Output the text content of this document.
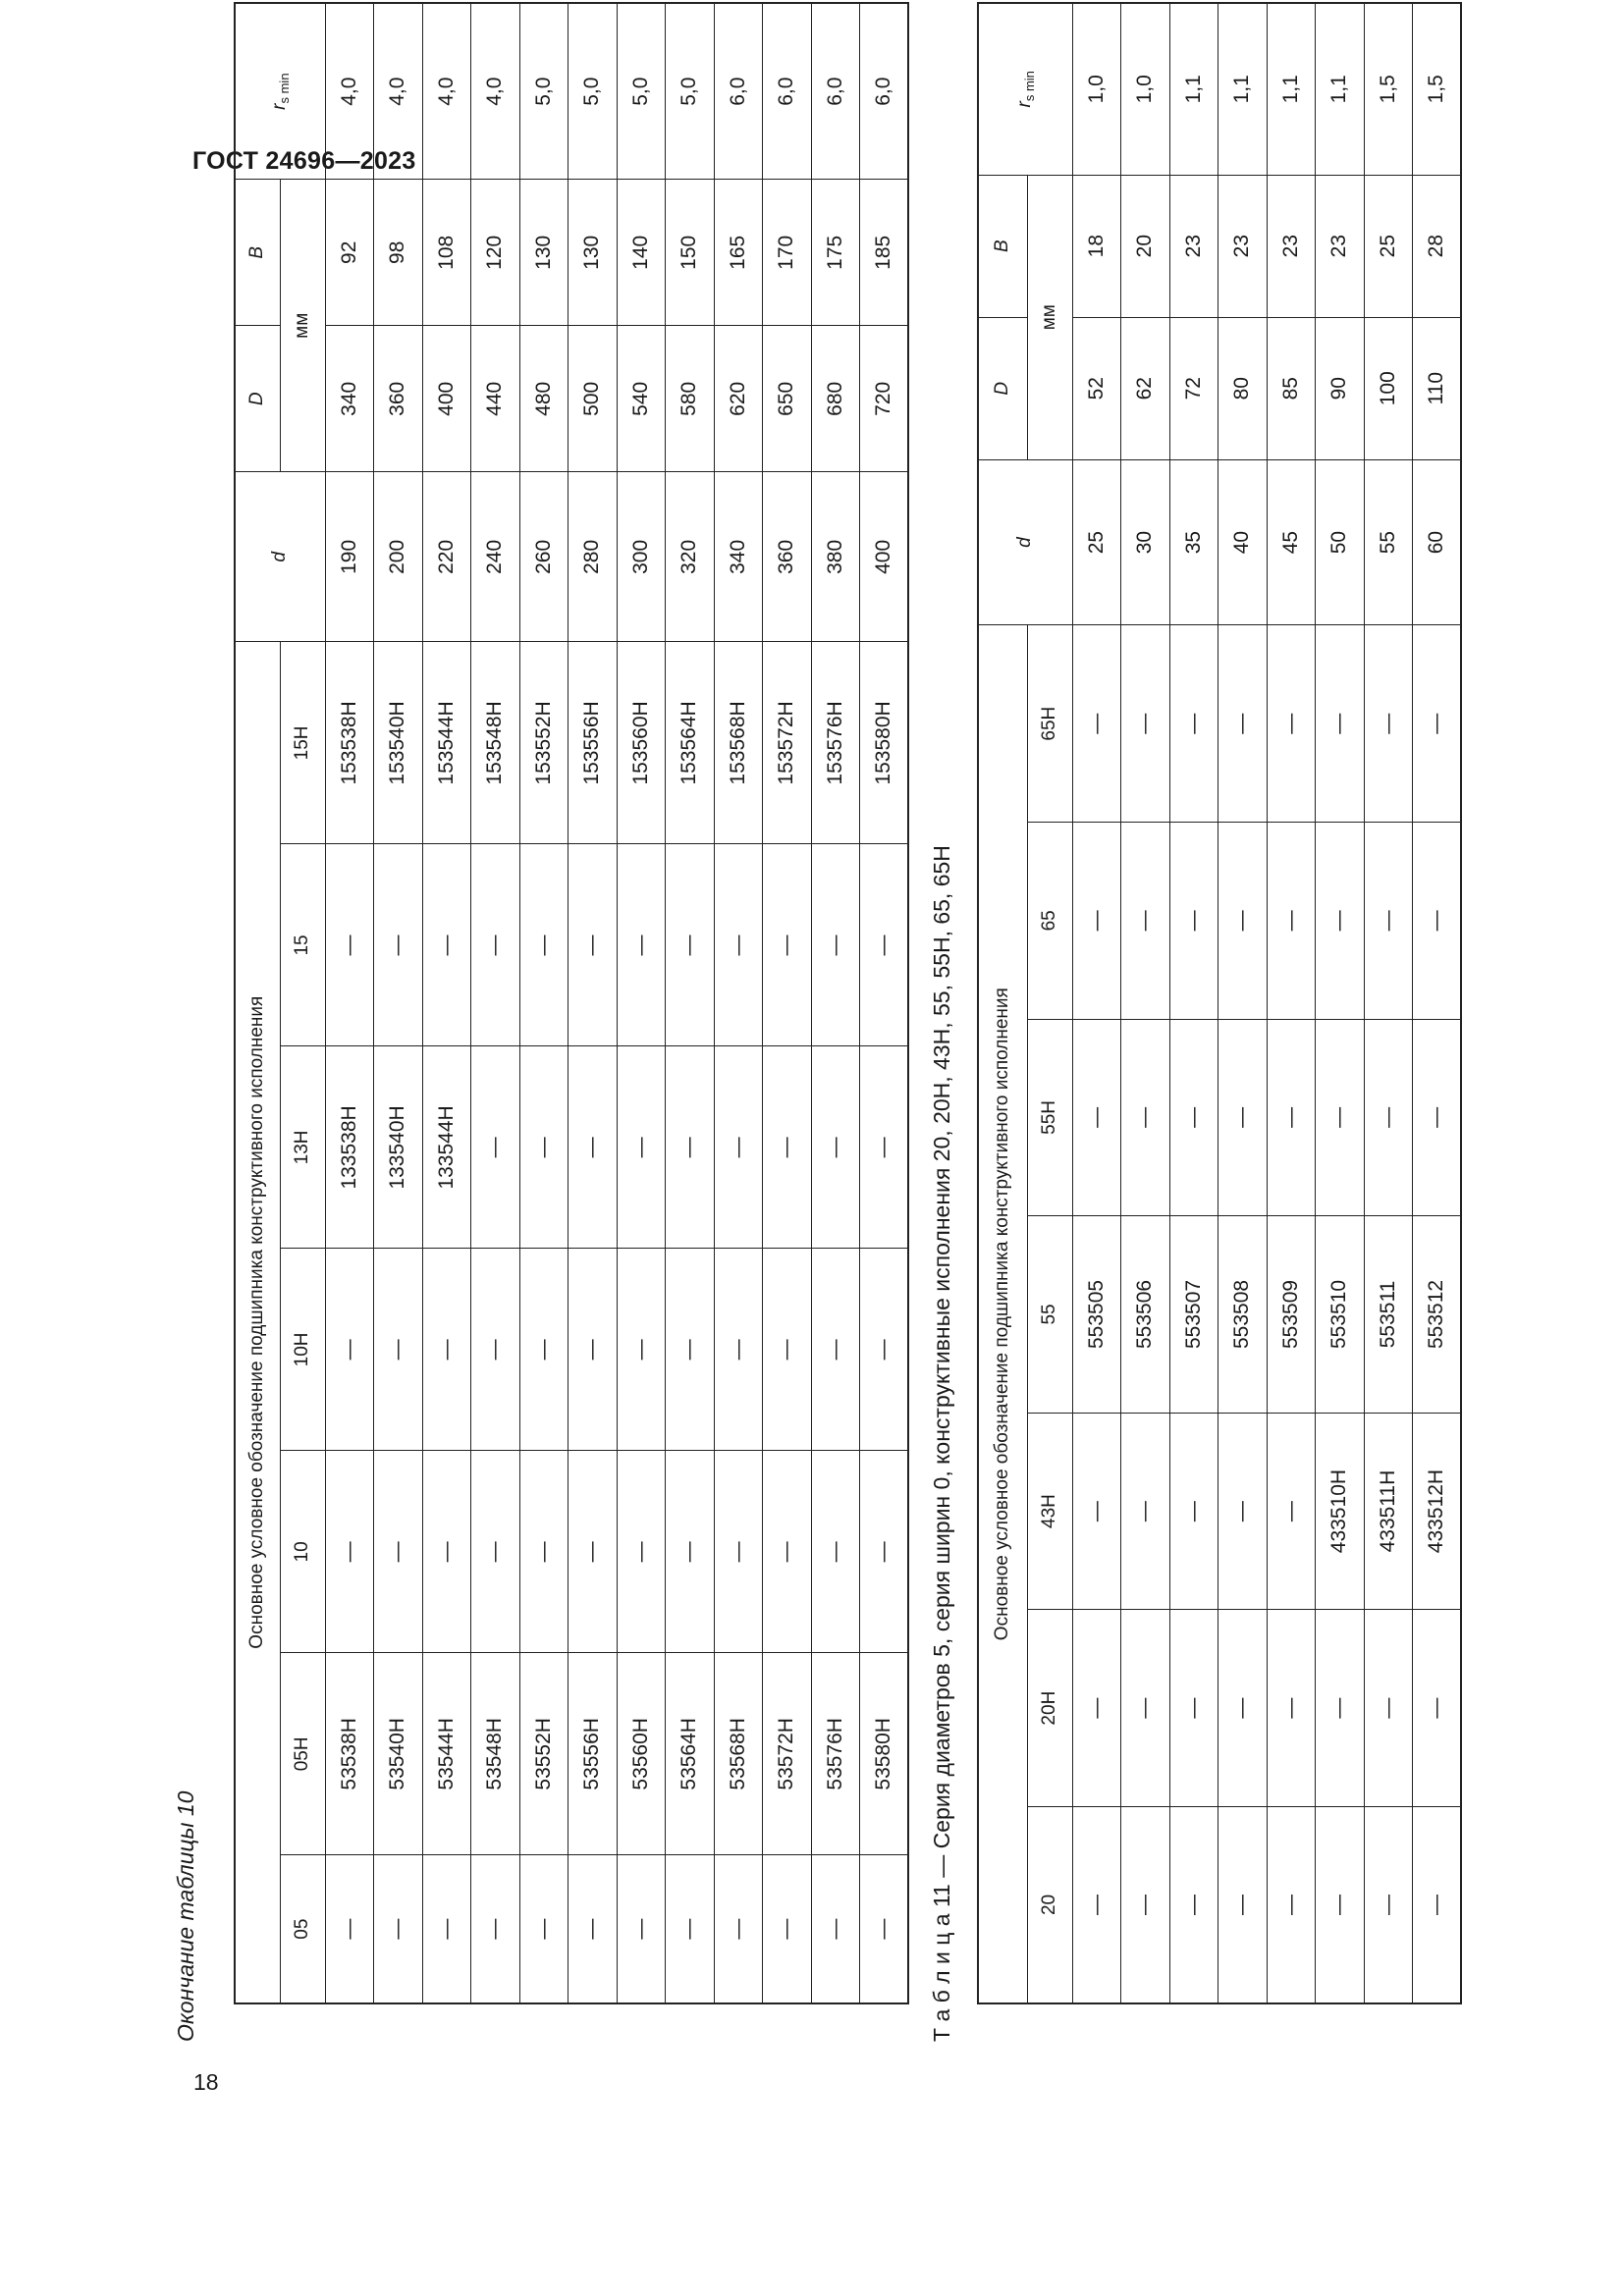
ГОСТ 24696—2023
18
Окончание таблицы 10
Основное условное обозначение подшипника конструктивного исполнения							d	D	B	$r_{s min}$
05	05H	10	10H	13H	15	15H		мм		
—	53538H	—	—	133538H	—	153538H	190	340	92	4,0
—	53540H	—	—	133540H	—	153540H	200	360	98	4,0
—	53544H	—	—	133544H	—	153544H	220	400	108	4,0
—	53548H	—	—	—	—	153548H	240	440	120	4,0
—	53552H	—	—	—	—	153552H	260	480	130	5,0
—	53556H	—	—	—	—	153556H	280	500	130	5,0
—	53560H	—	—	—	—	153560H	300	540	140	5,0
—	53564H	—	—	—	—	153564H	320	580	150	5,0
—	53568H	—	—	—	—	153568H	340	620	165	6,0
—	53572H	—	—	—	—	153572H	360	650	170	6,0
—	53576H	—	—	—	—	153576H	380	680	175	6,0
—	53580H	—	—	—	—	153580H	400	720	185	6,0
Т а б л и ц а 11 — Серия диаметров 5, серия ширин 0, конструктивные исполнения 20, 20H, 43H, 55, 55H, 65, 65H Основное условное обозначение подшипника конструктивного исполнения							d	D	B	$r_{s min}$
20	20H	43H	55	55H	65	65H		мм		
—	—	—	553505	—	—	—	25	52	18	1,0
—	—	—	553506	—	—	—	30	62	20	1,0
—	—	—	553507	—	—	—	35	72	23	1,1
—	—	—	553508	—	—	—	40	80	23	1,1
—	—	—	553509	—	—	—	45	85	23	1,1
—	—	433510H	553510	—	—	—	50	90	23	1,1
—	—	433511H	553511	—	—	—	55	100	25	1,5
—	—	433512H	553512	—	—	—	60	110	28	1,5
